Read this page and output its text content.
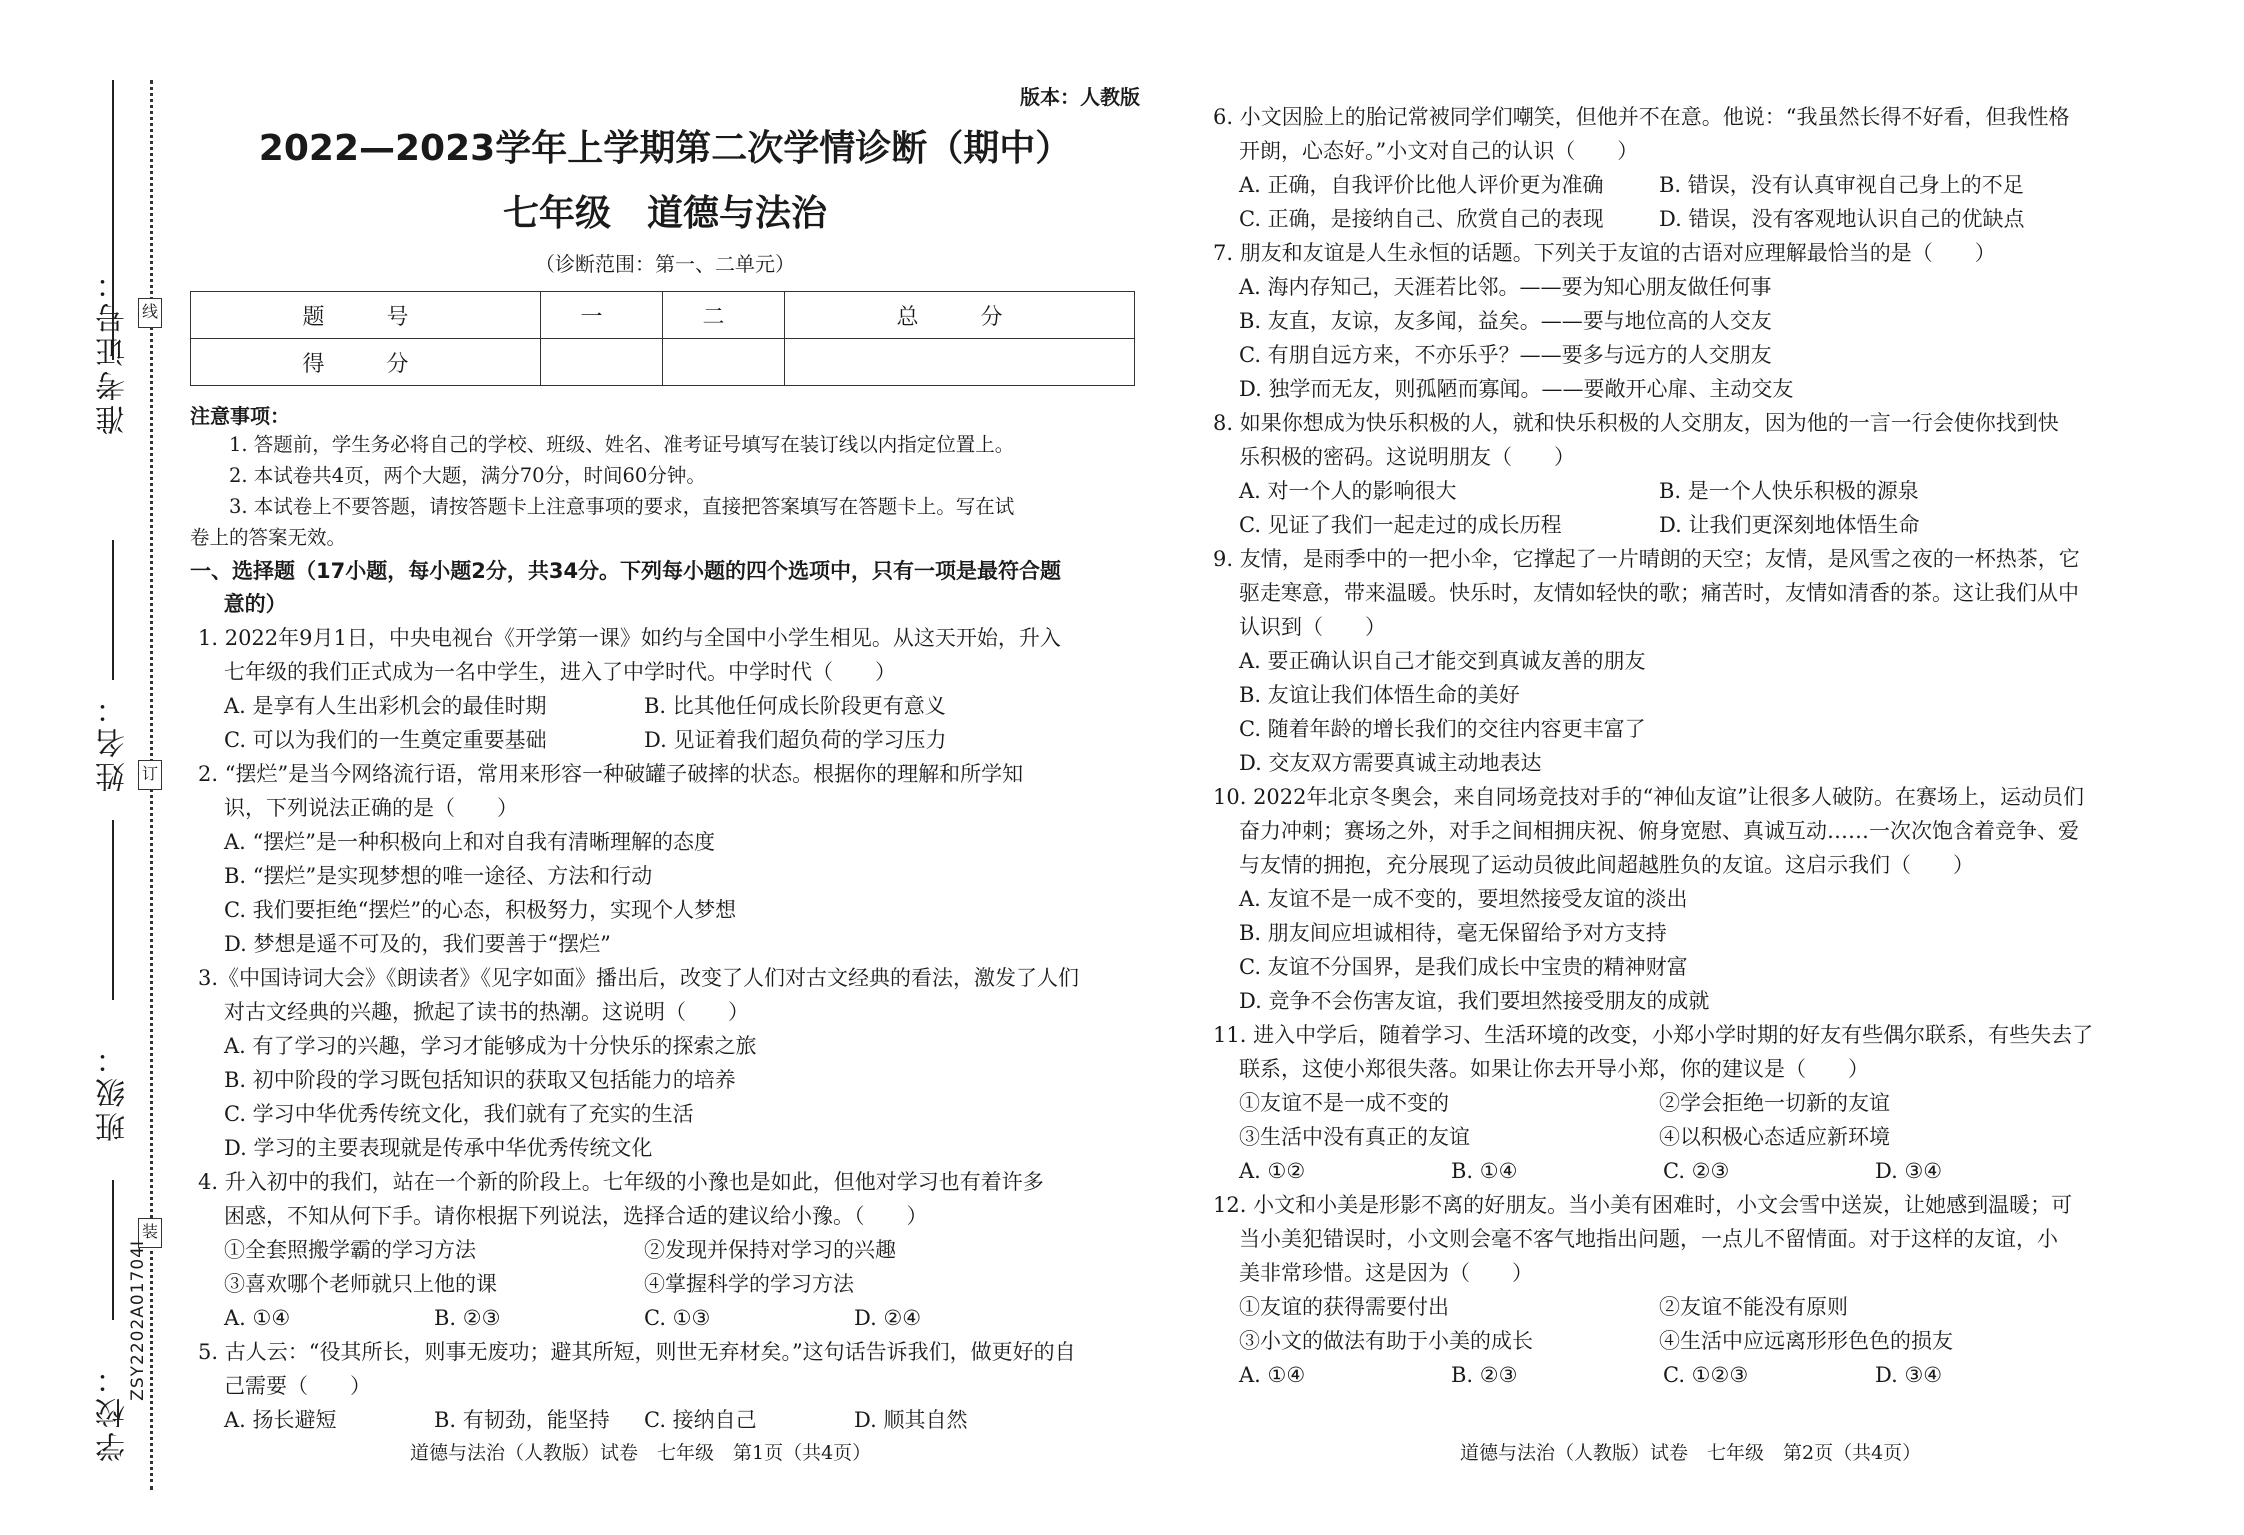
准考证号：
姓名：
班级：
学校：
线
订
装
ZSY2202A01704I
版本：人教版
2022—2023学年上学期第二次学情诊断（期中）
七年级　道德与法治
（诊断范围：第一、二单元）
题　号	一	二	总　分
得　分			
注意事项：
1. 答题前，学生务必将自己的学校、班级、姓名、准考证号填写在装订线以内指定位置上。
2. 本试卷共4页，两个大题，满分70分，时间60分钟。
3. 本试卷上不要答题，请按答题卡上注意事项的要求，直接把答案填写在答题卡上。写在试
卷上的答案无效。
一、选择题（17小题，每小题2分，共34分。下列每小题的四个选项中，只有一项是最符合题
意的）
1. 2022年9月1日，中央电视台《开学第一课》如约与全国中小学生相见。从这天开始，升入
七年级的我们正式成为一名中学生，进入了中学时代。中学时代（　　）
A. 是享有人生出彩机会的最佳时期	B. 比其他任何成长阶段更有意义
C. 可以为我们的一生奠定重要基础	D. 见证着我们超负荷的学习压力
2. “摆烂”是当今网络流行语，常用来形容一种破罐子破摔的状态。根据你的理解和所学知
识，下列说法正确的是（　　）
A. “摆烂”是一种积极向上和对自我有清晰理解的态度
B. “摆烂”是实现梦想的唯一途径、方法和行动
C. 我们要拒绝“摆烂”的心态，积极努力，实现个人梦想
D. 梦想是遥不可及的，我们要善于“摆烂”
3.《中国诗词大会》《朗读者》《见字如面》播出后，改变了人们对古文经典的看法，激发了人们
对古文经典的兴趣，掀起了读书的热潮。这说明（　　）
A. 有了学习的兴趣，学习才能够成为十分快乐的探索之旅
B. 初中阶段的学习既包括知识的获取又包括能力的培养
C. 学习中华优秀传统文化，我们就有了充实的生活
D. 学习的主要表现就是传承中华优秀传统文化
4. 升入初中的我们，站在一个新的阶段上。七年级的小豫也是如此，但他对学习也有着许多
困惑，不知从何下手。请你根据下列说法，选择合适的建议给小豫。（　　）
①全套照搬学霸的学习方法	②发现并保持对学习的兴趣
③喜欢哪个老师就只上他的课	④掌握科学的学习方法
A. ①④	B. ②③	C. ①③	D. ②④
5. 古人云：“役其所长，则事无废功；避其所短，则世无弃材矣。”这句话告诉我们，做更好的自
己需要（　　）
A. 扬长避短	B. 有韧劲，能坚持	C. 接纳自己	D. 顺其自然
道德与法治（人教版）试卷　七年级　第1页（共4页）
6. 小文因脸上的胎记常被同学们嘲笑，但他并不在意。他说：“我虽然长得不好看，但我性格
开朗，心态好。”小文对自己的认识（　　）
A. 正确，自我评价比他人评价更为准确	B. 错误，没有认真审视自己身上的不足
C. 正确，是接纳自己、欣赏自己的表现	D. 错误，没有客观地认识自己的优缺点
7. 朋友和友谊是人生永恒的话题。下列关于友谊的古语对应理解最恰当的是（　　）
A. 海内存知己，天涯若比邻。——要为知心朋友做任何事
B. 友直，友谅，友多闻，益矣。——要与地位高的人交友
C. 有朋自远方来，不亦乐乎？——要多与远方的人交朋友
D. 独学而无友，则孤陋而寡闻。——要敞开心扉、主动交友
8. 如果你想成为快乐积极的人，就和快乐积极的人交朋友，因为他的一言一行会使你找到快
乐积极的密码。这说明朋友（　　）
A. 对一个人的影响很大	B. 是一个人快乐积极的源泉
C. 见证了我们一起走过的成长历程	D. 让我们更深刻地体悟生命
9. 友情，是雨季中的一把小伞，它撑起了一片晴朗的天空；友情，是风雪之夜的一杯热茶，它
驱走寒意，带来温暖。快乐时，友情如轻快的歌；痛苦时，友情如清香的茶。这让我们从中
认识到（　　）
A. 要正确认识自己才能交到真诚友善的朋友
B. 友谊让我们体悟生命的美好
C. 随着年龄的增长我们的交往内容更丰富了
D. 交友双方需要真诚主动地表达
10. 2022年北京冬奥会，来自同场竞技对手的“神仙友谊”让很多人破防。在赛场上，运动员们
奋力冲刺；赛场之外，对手之间相拥庆祝、俯身宽慰、真诚互动……一次次饱含着竞争、爱
与友情的拥抱，充分展现了运动员彼此间超越胜负的友谊。这启示我们（　　）
A. 友谊不是一成不变的，要坦然接受友谊的淡出
B. 朋友间应坦诚相待，毫无保留给予对方支持
C. 友谊不分国界，是我们成长中宝贵的精神财富
D. 竞争不会伤害友谊，我们要坦然接受朋友的成就
11. 进入中学后，随着学习、生活环境的改变，小郑小学时期的好友有些偶尔联系，有些失去了
联系，这使小郑很失落。如果让你去开导小郑，你的建议是（　　）
①友谊不是一成不变的	②学会拒绝一切新的友谊
③生活中没有真正的友谊	④以积极心态适应新环境
A. ①②	B. ①④	C. ②③	D. ③④
12. 小文和小美是形影不离的好朋友。当小美有困难时，小文会雪中送炭，让她感到温暖；可
当小美犯错误时，小文则会毫不客气地指出问题，一点儿不留情面。对于这样的友谊，小
美非常珍惜。这是因为（　　）
①友谊的获得需要付出	②友谊不能没有原则
③小文的做法有助于小美的成长	④生活中应远离形形色色的损友
A. ①④	B. ②③	C. ①②③	D. ③④
道德与法治（人教版）试卷　七年级　第2页（共4页）
